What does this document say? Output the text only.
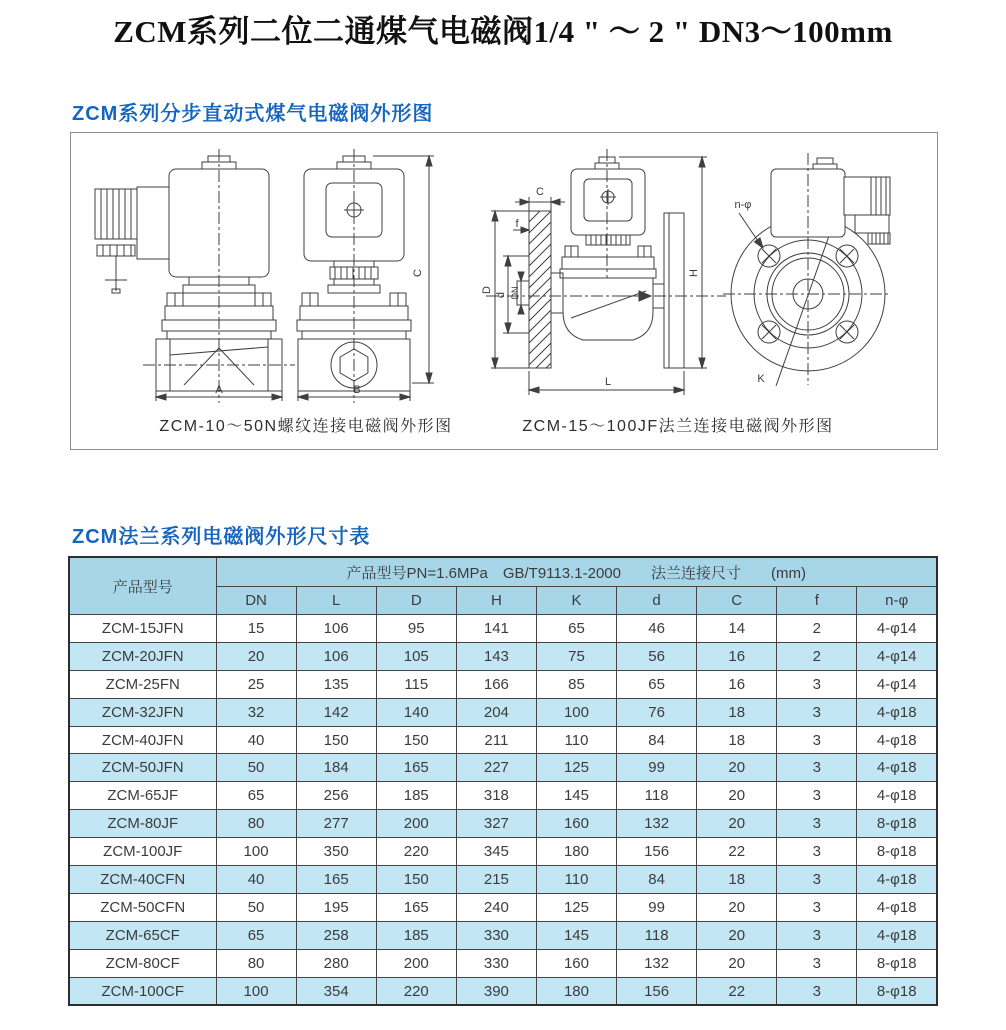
ZCM系列二位二通煤气电磁阀1/4 " ～ 2 " DN3～100mm
ZCM系列分步直动式煤气电磁阀外形图
A	B
C
C
f
D
d DN
H
L	K
n-φ
ZCM-10～50N螺纹连接电磁阀外形图	ZCM-15～100JF法兰连接电磁阀外形图
ZCM法兰系列电磁阀外形尺寸表
产品型号	产品型号PN=1.6MPa　GB/T9113.1-2000　　法兰连接尺寸　　(mm)								
	DN	L	D	H	K	d	C	f	n-φ
ZCM-15JFN	15	106	95	141	65	46	14	2	4-φ14
ZCM-20JFN	20	106	105	143	75	56	16	2	4-φ14
ZCM-25FN	25	135	115	166	85	65	16	3	4-φ14
ZCM-32JFN	32	142	140	204	100	76	18	3	4-φ18
ZCM-40JFN	40	150	150	211	110	84	18	3	4-φ18
ZCM-50JFN	50	184	165	227	125	99	20	3	4-φ18
ZCM-65JF	65	256	185	318	145	118	20	3	4-φ18
ZCM-80JF	80	277	200	327	160	132	20	3	8-φ18
ZCM-100JF	100	350	220	345	180	156	22	3	8-φ18
ZCM-40CFN	40	165	150	215	110	84	18	3	4-φ18
ZCM-50CFN	50	195	165	240	125	99	20	3	4-φ18
ZCM-65CF	65	258	185	330	145	118	20	3	4-φ18
ZCM-80CF	80	280	200	330	160	132	20	3	8-φ18
ZCM-100CF	100	354	220	390	180	156	22	3	8-φ18
